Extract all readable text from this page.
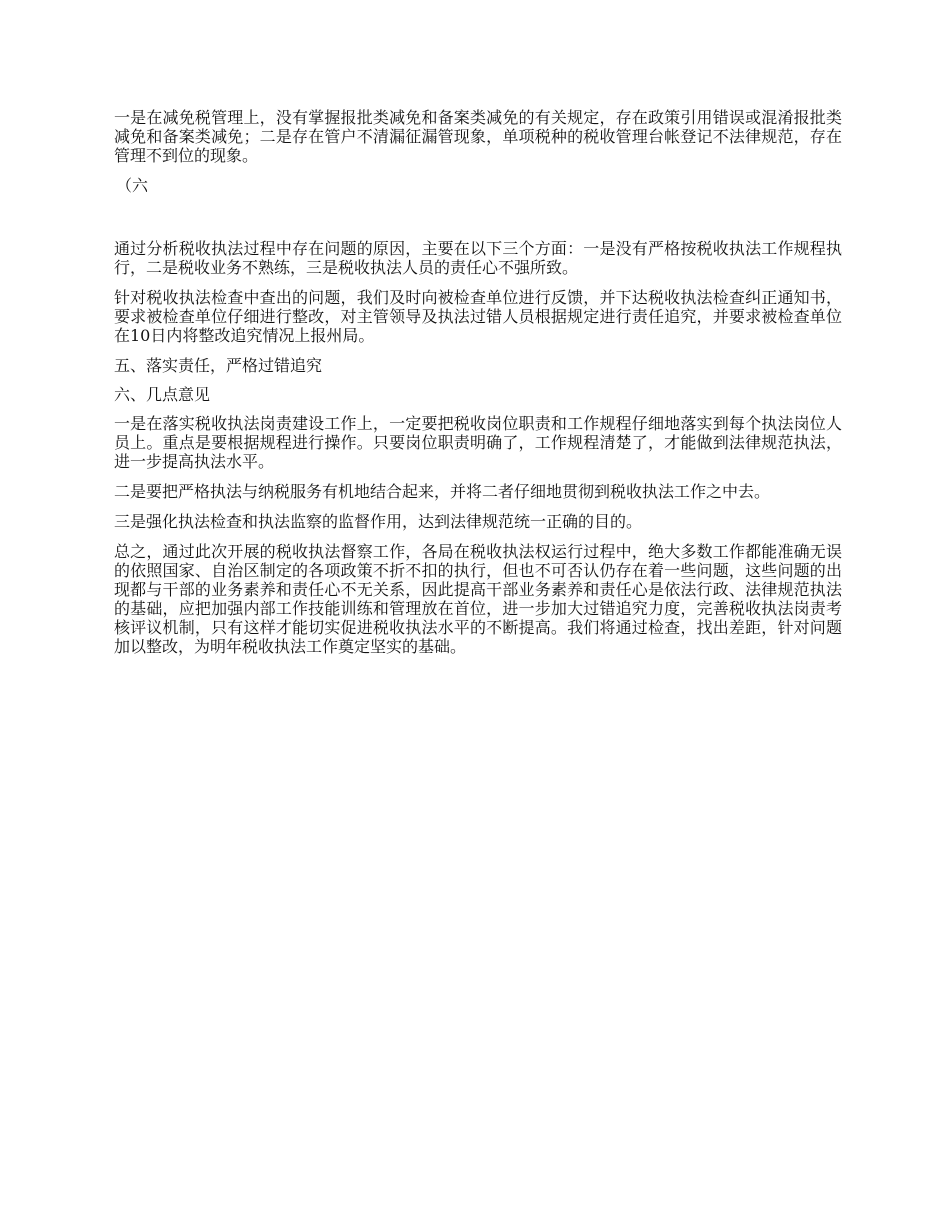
一是在减免税管理上，没有掌握报批类减免和备案类减免的有关规定，存在政策引用错误或混淆报批类减免和备案类减免；二是存在管户不清漏征漏管现象，单项税种的税收管理台帐登记不法律规范，存在管理不到位的现象。

（六

通过分析税收执法过程中存在问题的原因，主要在以下三个方面：一是没有严格按税收执法工作规程执行，二是税收业务不熟练，三是税收执法人员的责任心不强所致。

针对税收执法检查中查出的问题，我们及时向被检查单位进行反馈，并下达税收执法检查纠正通知书，要求被检查单位仔细进行整改，对主管领导及执法过错人员根据规定进行责任追究，并要求被检查单位在10日内将整改追究情况上报州局。

五、落实责任，严格过错追究

六、几点意见

一是在落实税收执法岗责建设工作上，一定要把税收岗位职责和工作规程仔细地落实到每个执法岗位人员上。重点是要根据规程进行操作。只要岗位职责明确了，工作规程清楚了，才能做到法律规范执法，进一步提高执法水平。

二是要把严格执法与纳税服务有机地结合起来，并将二者仔细地贯彻到税收执法工作之中去。

三是强化执法检查和执法监察的监督作用，达到法律规范统一正确的目的。

总之，通过此次开展的税收执法督察工作，各局在税收执法权运行过程中，绝大多数工作都能准确无误的依照国家、自治区制定的各项政策不折不扣的执行，但也不可否认仍存在着一些问题，这些问题的出现都与干部的业务素养和责任心不无关系，因此提高干部业务素养和责任心是依法行政、法律规范执法的基础，应把加强内部工作技能训练和管理放在首位，进一步加大过错追究力度，完善税收执法岗责考核评议机制，只有这样才能切实促进税收执法水平的不断提高。我们将通过检查，找出差距，针对问题加以整改，为明年税收执法工作奠定坚实的基础。
